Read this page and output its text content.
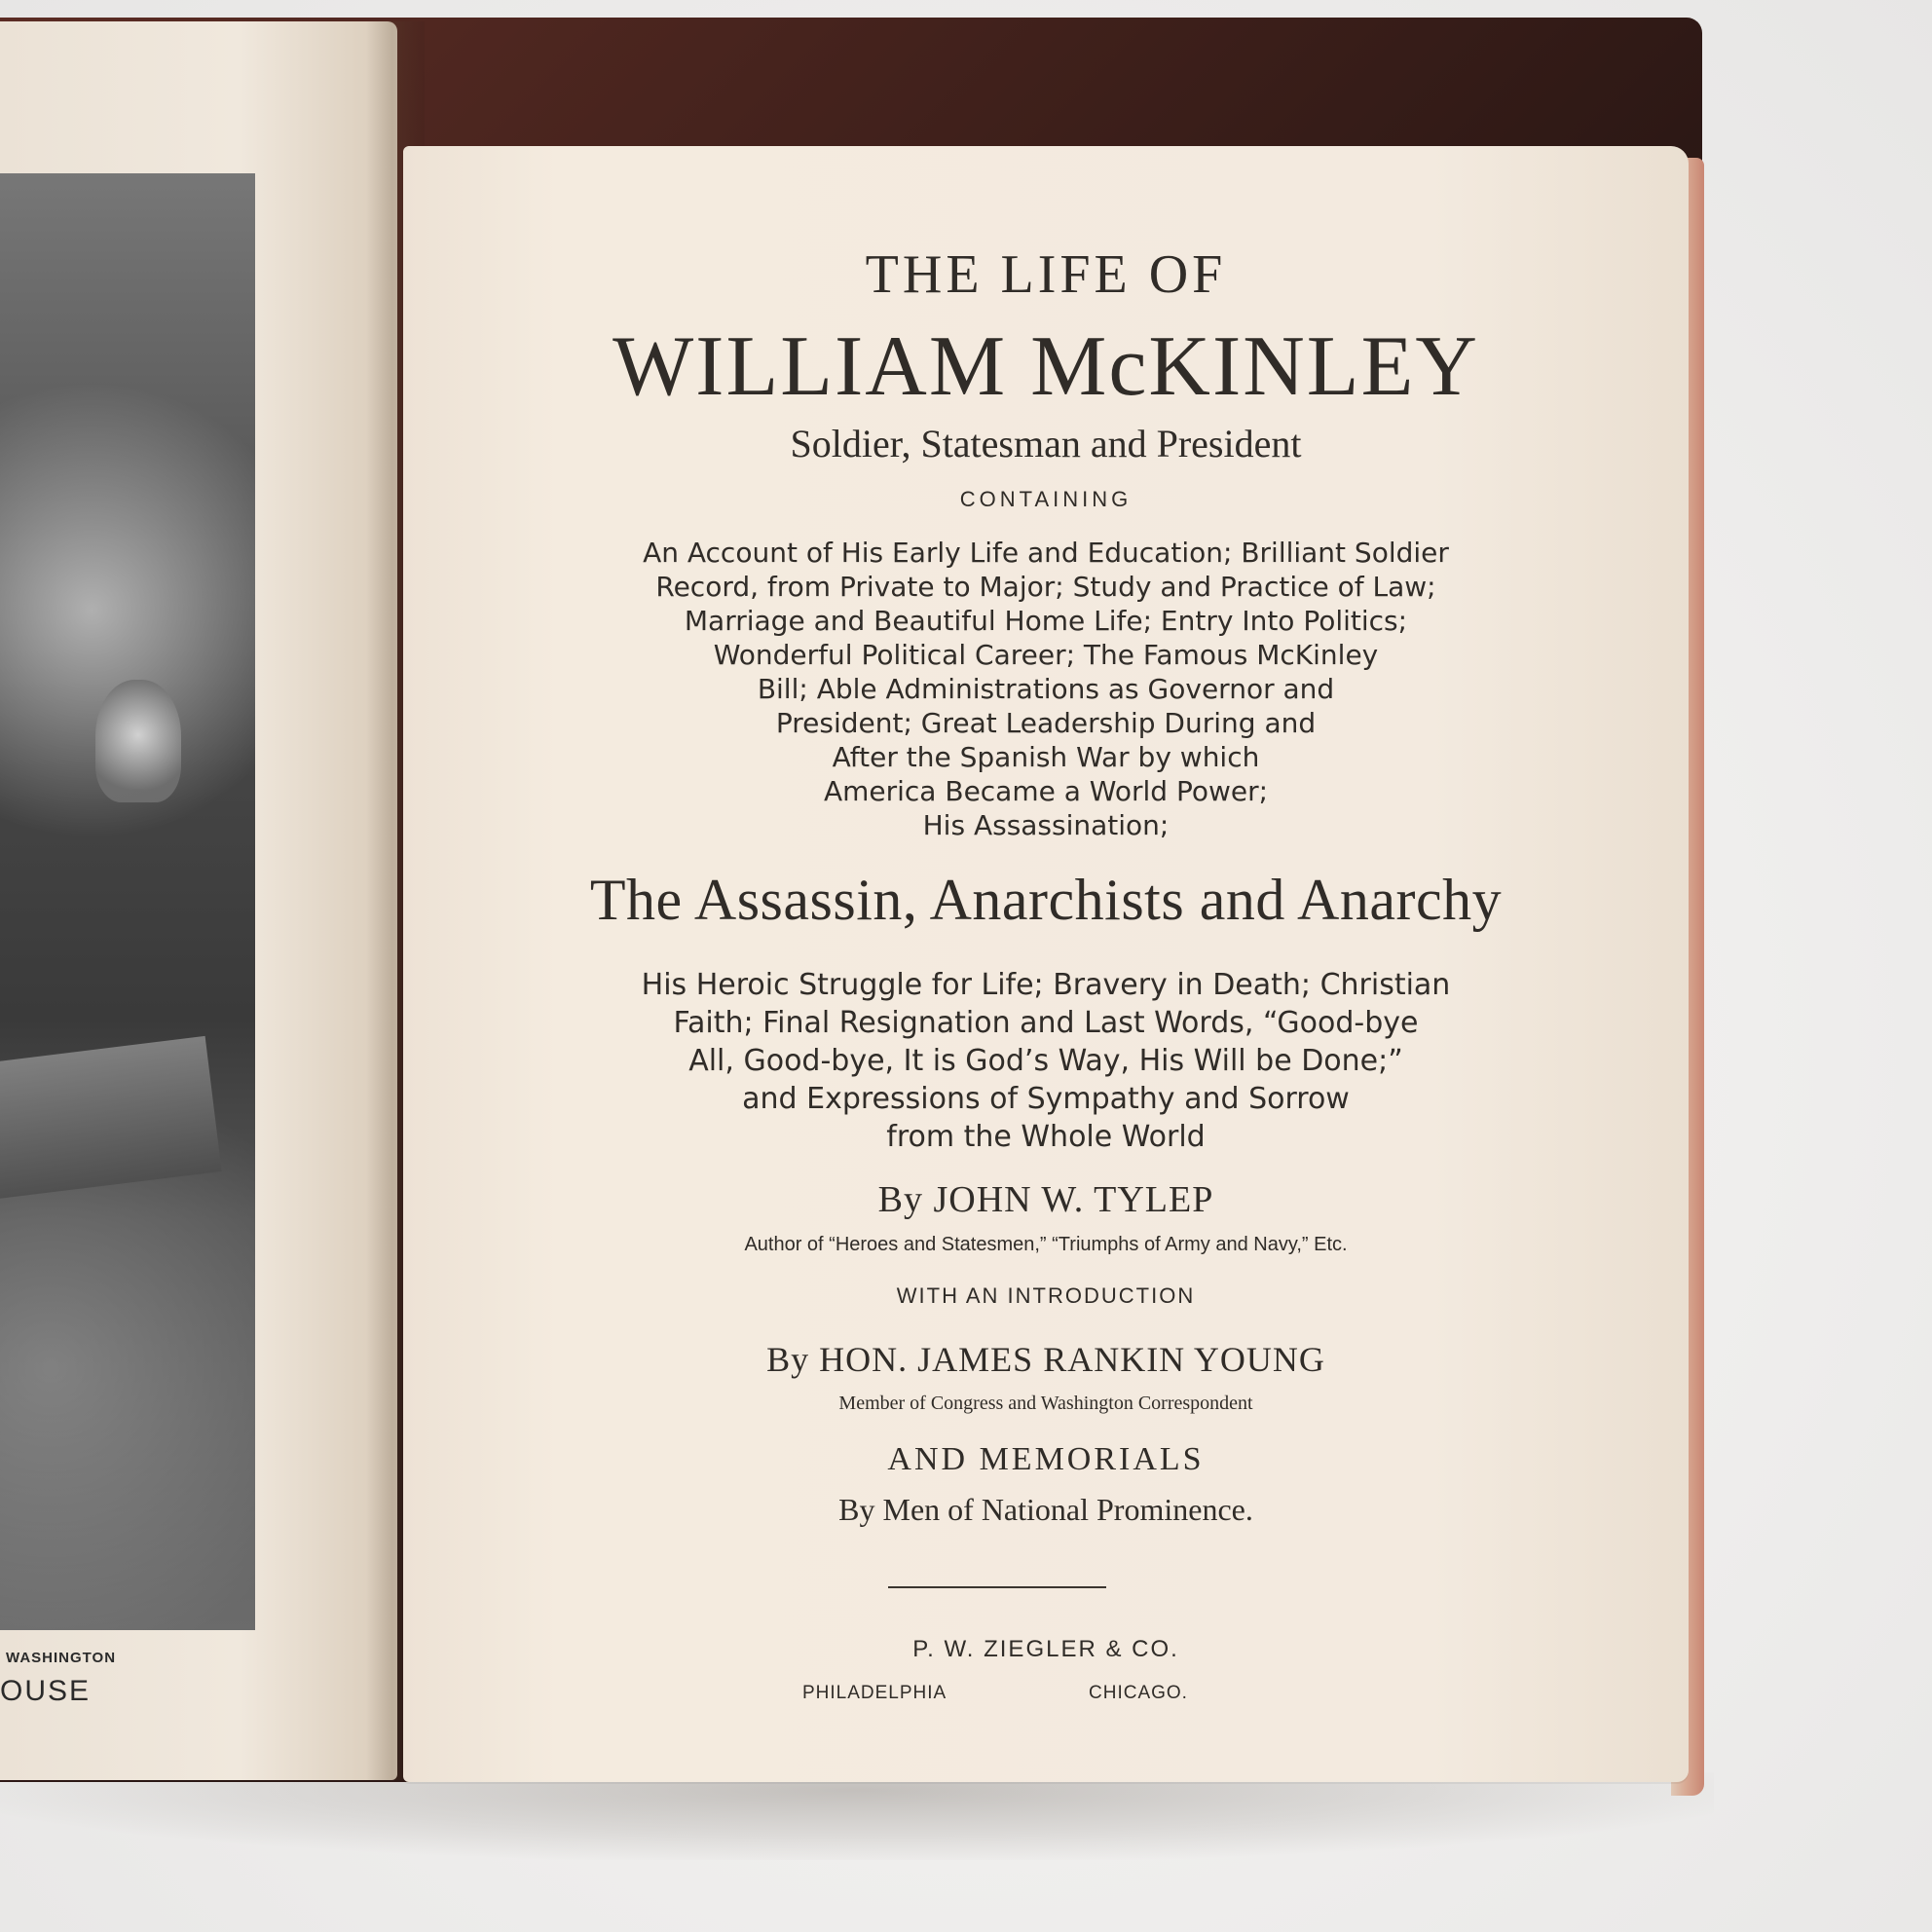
WASHINGTON
OUSE
THE LIFE OF
WILLIAM McKINLEY
Soldier, Statesman and President
CONTAINING
An Account of His Early Life and Education; Brilliant Soldier
Record, from Private to Major; Study and Practice of Law;
Marriage and Beautiful Home Life; Entry Into Politics;
Wonderful Political Career; The Famous McKinley
Bill; Able Administrations as Governor and
President; Great Leadership During and
After the Spanish War by which
America Became a World Power;
His Assassination;
The Assassin, Anarchists and Anarchy
His Heroic Struggle for Life; Bravery in Death; Christian
Faith; Final Resignation and Last Words, “Good-bye
All, Good-bye, It is God’s Way, His Will be Done;”
and Expressions of Sympathy and Sorrow
from the Whole World
By JOHN W. TYLEP
Author of “Heroes and Statesmen,” “Triumphs of Army and Navy,” Etc.
WITH AN INTRODUCTION
By HON. JAMES RANKIN YOUNG
Member of Congress and Washington Correspondent
AND MEMORIALS
By Men of National Prominence.
P. W. ZIEGLER & CO.
PHILADELPHIA	CHICAGO.
